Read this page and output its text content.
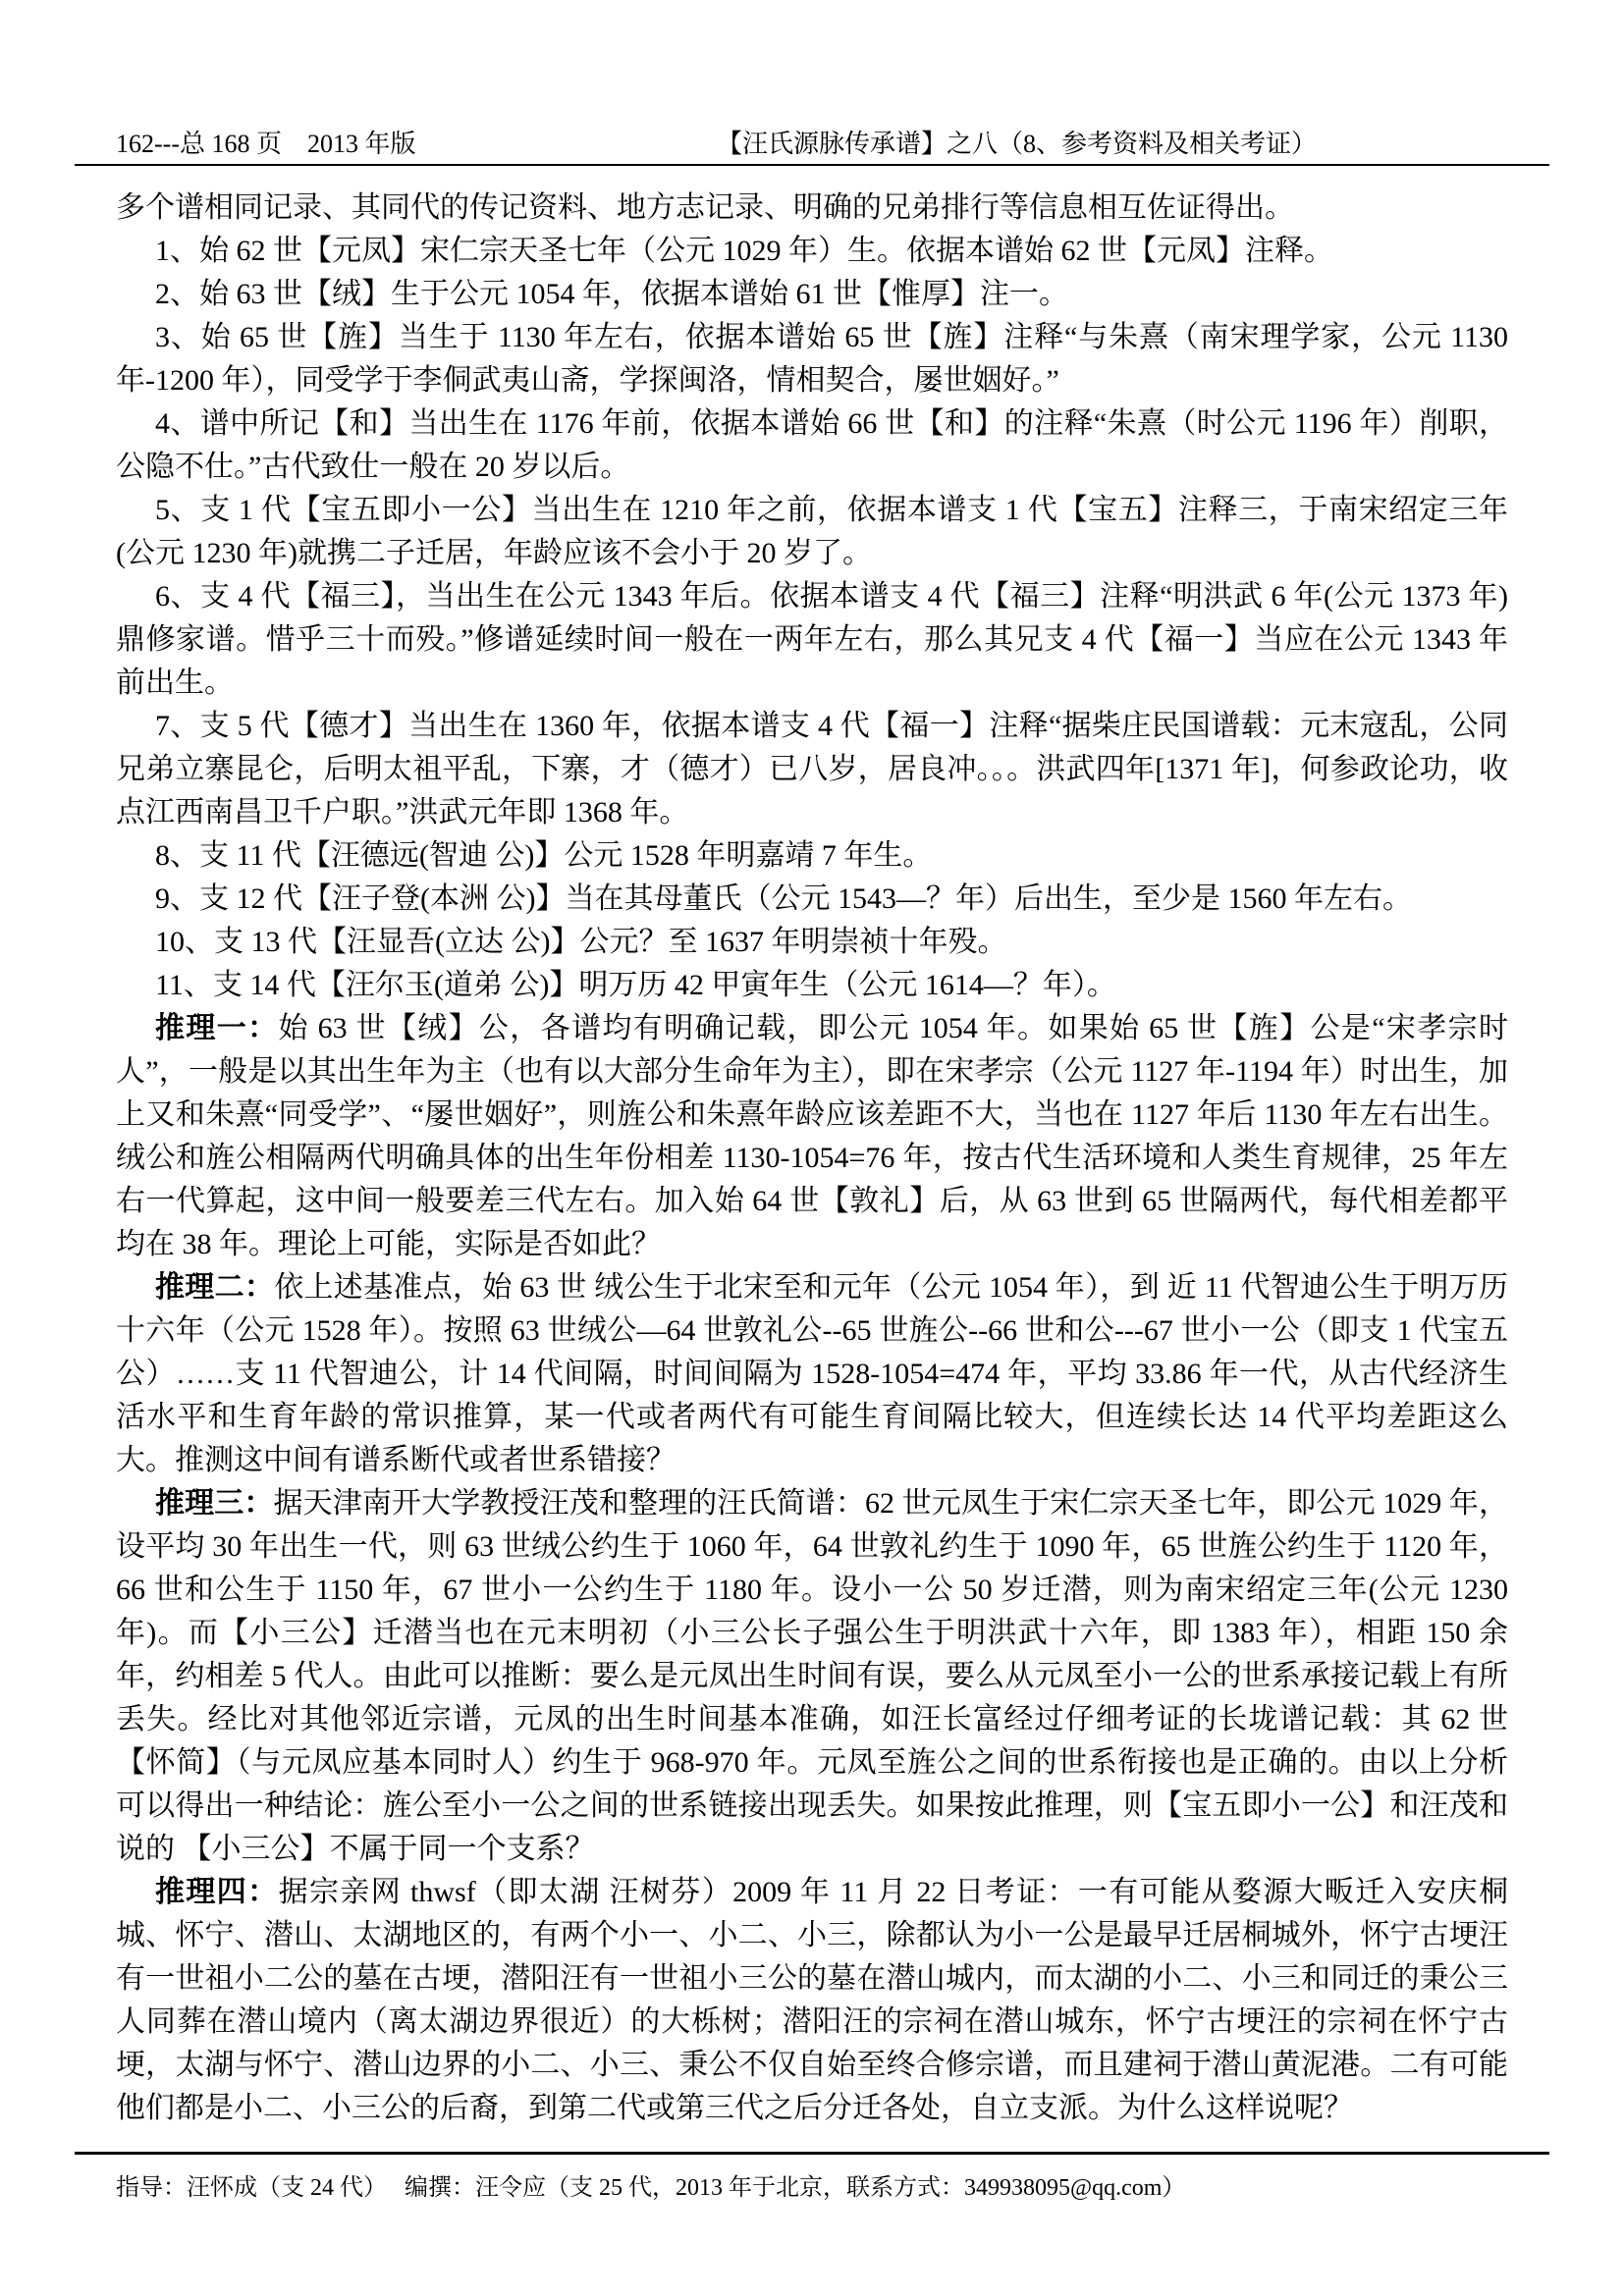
162---总 168 页　2013 年版	【汪氏源脉传承谱】之八（8、参考资料及相关考证）

多个谱相同记录、其同代的传记资料、地方志记录、明确的兄弟排行等信息相互佐证得出。

1、始 62 世【元凤】宋仁宗天圣七年（公元 1029 年）生。依据本谱始 62 世【元凤】注释。

2、始 63 世【绒】生于公元 1054 年，依据本谱始 61 世【惟厚】注一。

3、始 65 世【旌】当生于 1130 年左右，依据本谱始 65 世【旌】注释“与朱熹（南宋理学家，公元 1130 年-1200 年），同受学于李侗武夷山斋，学探闽洛，情相契合，屡世姻好。”

4、谱中所记【和】当出生在 1176 年前，依据本谱始 66 世【和】的注释“朱熹（时公元 1196 年）削职，公隐不仕。”古代致仕一般在 20 岁以后。

5、支 1 代【宝五即小一公】当出生在 1210 年之前，依据本谱支 1 代【宝五】注释三，于南宋绍定三年(公元 1230 年)就携二子迁居，年龄应该不会小于 20 岁了。

6、支 4 代【福三】，当出生在公元 1343 年后。依据本谱支 4 代【福三】注释“明洪武 6 年(公元 1373 年)鼎修家谱。惜乎三十而殁。”修谱延续时间一般在一两年左右，那么其兄支 4 代【福一】当应在公元 1343 年前出生。

7、支 5 代【德才】当出生在 1360 年，依据本谱支 4 代【福一】注释“据柴庄民国谱载：元末寇乱，公同兄弟立寨昆仑，后明太祖平乱，下寨，才（德才）已八岁，居良冲。。。洪武四年[1371 年]，何参政论功，收点江西南昌卫千户职。”洪武元年即 1368 年。

8、支 11 代【汪德远(智迪 公)】公元 1528 年明嘉靖 7 年生。

9、支 12 代【汪子登(本洲 公)】当在其母董氏（公元 1543—？年）后出生，至少是 1560 年左右。

10、支 13 代【汪显吾(立达 公)】公元？至 1637 年明崇祯十年殁。

11、支 14 代【汪尔玉(道弟 公)】明万历 42 甲寅年生（公元 1614—？年）。

推理一：始 63 世【绒】公，各谱均有明确记载，即公元 1054 年。如果始 65 世【旌】公是“宋孝宗时人”，一般是以其出生年为主（也有以大部分生命年为主），即在宋孝宗（公元 1127 年-1194 年）时出生，加上又和朱熹“同受学”、“屡世姻好”，则旌公和朱熹年龄应该差距不大，当也在 1127 年后 1130 年左右出生。绒公和旌公相隔两代明确具体的出生年份相差 1130-1054=76 年，按古代生活环境和人类生育规律，25 年左右一代算起，这中间一般要差三代左右。加入始 64 世【敦礼】后，从 63 世到 65 世隔两代，每代相差都平均在 38 年。理论上可能，实际是否如此？

推理二：依上述基准点，始 63 世 绒公生于北宋至和元年（公元 1054 年），到 近 11 代智迪公生于明万历十六年（公元 1528 年）。按照 63 世绒公—64 世敦礼公--65 世旌公--66 世和公---67 世小一公（即支 1 代宝五公）……支 11 代智迪公，计 14 代间隔，时间间隔为 1528-1054=474 年，平均 33.86 年一代，从古代经济生活水平和生育年龄的常识推算，某一代或者两代有可能生育间隔比较大，但连续长达 14 代平均差距这么大。推测这中间有谱系断代或者世系错接？

推理三：据天津南开大学教授汪茂和整理的汪氏简谱：62 世元凤生于宋仁宗天圣七年，即公元 1029 年，设平均 30 年出生一代，则 63 世绒公约生于 1060 年，64 世敦礼约生于 1090 年，65 世旌公约生于 1120 年，66 世和公生于 1150 年，67 世小一公约生于 1180 年。设小一公 50 岁迁潜，则为南宋绍定三年(公元 1230 年)。而【小三公】迁潜当也在元末明初（小三公长子强公生于明洪武十六年，即 1383 年），相距 150 余年，约相差 5 代人。由此可以推断：要么是元凤出生时间有误，要么从元凤至小一公的世系承接记载上有所丢失。经比对其他邻近宗谱，元凤的出生时间基本准确，如汪长富经过仔细考证的长垅谱记载：其 62 世【怀简】（与元凤应基本同时人）约生于 968-970 年。元凤至旌公之间的世系衔接也是正确的。由以上分析可以得出一种结论：旌公至小一公之间的世系链接出现丢失。如果按此推理，则【宝五即小一公】和汪茂和说的 【小三公】不属于同一个支系？

推理四：据宗亲网 thwsf（即太湖 汪树芬）2009 年 11 月 22 日考证：一有可能从婺源大畈迁入安庆桐城、怀宁、潜山、太湖地区的，有两个小一、小二、小三，除都认为小一公是最早迁居桐城外，怀宁古埂汪有一世祖小二公的墓在古埂，潜阳汪有一世祖小三公的墓在潜山城内，而太湖的小二、小三和同迁的秉公三人同葬在潜山境内（离太湖边界很近）的大栎树；潜阳汪的宗祠在潜山城东，怀宁古埂汪的宗祠在怀宁古埂，太湖与怀宁、潜山边界的小二、小三、秉公不仅自始至终合修宗谱，而且建祠于潜山黄泥港。二有可能他们都是小二、小三公的后裔，到第二代或第三代之后分迁各处，自立支派。为什么这样说呢？

指导：汪怀成（支 24 代）　 编撰：汪令应（支 25 代，2013 年于北京，联系方式：349938095@qq.com）
